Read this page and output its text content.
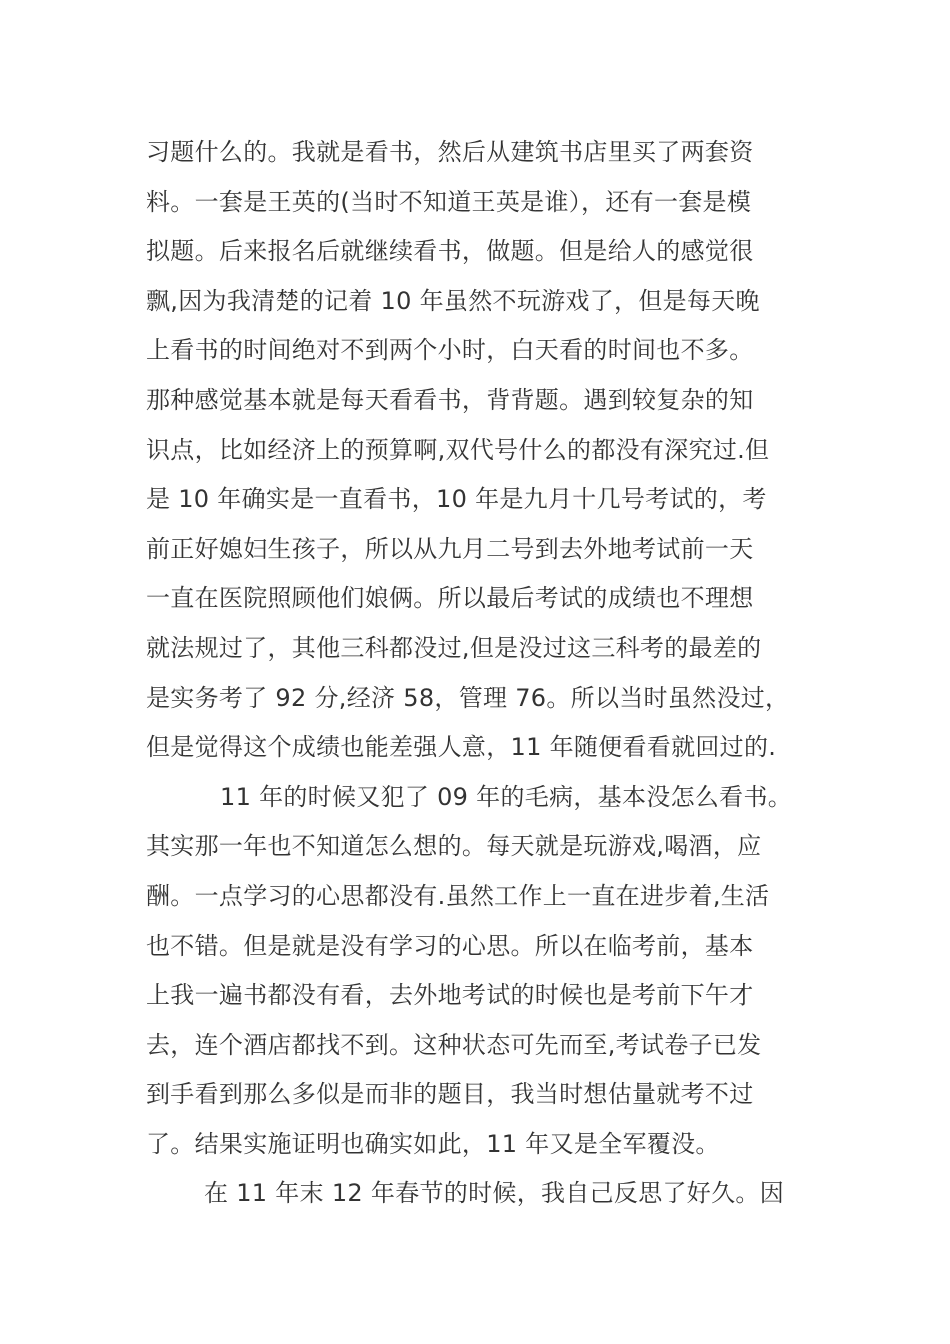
习题什么的。我就是看书，然后从建筑书店里买了两套资
料。一套是王英的(当时不知道王英是谁），还有一套是模
拟题。后来报名后就继续看书，做题。但是给人的感觉很
飘,因为我清楚的记着 10 年虽然不玩游戏了，但是每天晚
上看书的时间绝对不到两个小时，白天看的时间也不多。
那种感觉基本就是每天看看书，背背题。遇到较复杂的知
识点，比如经济上的预算啊,双代号什么的都没有深究过.但
是 10 年确实是一直看书，10 年是九月十几号考试的，考
前正好媳妇生孩子，所以从九月二号到去外地考试前一天
一直在医院照顾他们娘俩。所以最后考试的成绩也不理想
就法规过了，其他三科都没过,但是没过这三科考的最差的
是实务考了 92 分,经济 58，管理 76。所以当时虽然没过，
但是觉得这个成绩也能差强人意，11 年随便看看就回过的.
11 年的时候又犯了 09 年的毛病，基本没怎么看书。
其实那一年也不知道怎么想的。每天就是玩游戏,喝酒，应
酬。一点学习的心思都没有.虽然工作上一直在进步着,生活
也不错。但是就是没有学习的心思。所以在临考前，基本
上我一遍书都没有看，去外地考试的时候也是考前下午才
去，连个酒店都找不到。这种状态可先而至,考试卷子已发
到手看到那么多似是而非的题目，我当时想估量就考不过
了。结果实施证明也确实如此，11 年又是全军覆没。
在 11 年末 12 年春节的时候，我自己反思了好久。因
